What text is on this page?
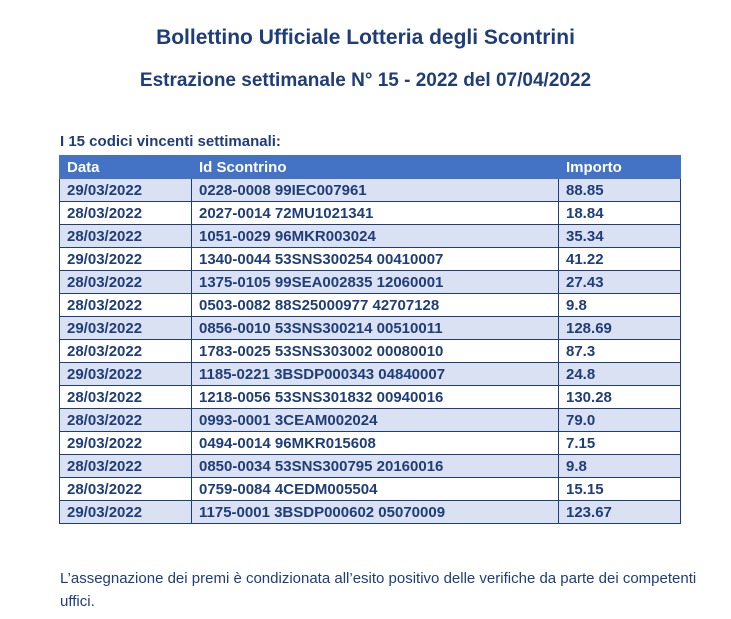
Bollettino Ufficiale Lotteria degli Scontrini
Estrazione settimanale N° 15 - 2022 del 07/04/2022
I 15 codici vincenti settimanali:
Data	Id Scontrino	Importo
29/03/2022	0228-0008 99IEC007961	88.85
28/03/2022	2027-0014 72MU1021341	18.84
28/03/2022	1051-0029 96MKR003024	35.34
29/03/2022	1340-0044 53SNS300254 00410007	41.22
28/03/2022	1375-0105 99SEA002835 12060001	27.43
28/03/2022	0503-0082 88S25000977 42707128	9.8
29/03/2022	0856-0010 53SNS300214 00510011	128.69
28/03/2022	1783-0025 53SNS303002 00080010	87.3
29/03/2022	1185-0221 3BSDP000343 04840007	24.8
28/03/2022	1218-0056 53SNS301832 00940016	130.28
28/03/2022	0993-0001 3CEAM002024	79.0
29/03/2022	0494-0014 96MKR015608	7.15
28/03/2022	0850-0034 53SNS300795 20160016	9.8
28/03/2022	0759-0084 4CEDM005504	15.15
29/03/2022	1175-0001 3BSDP000602 05070009	123.67
L’assegnazione dei premi è condizionata all’esito positivo delle verifiche da parte dei competenti uffici.
